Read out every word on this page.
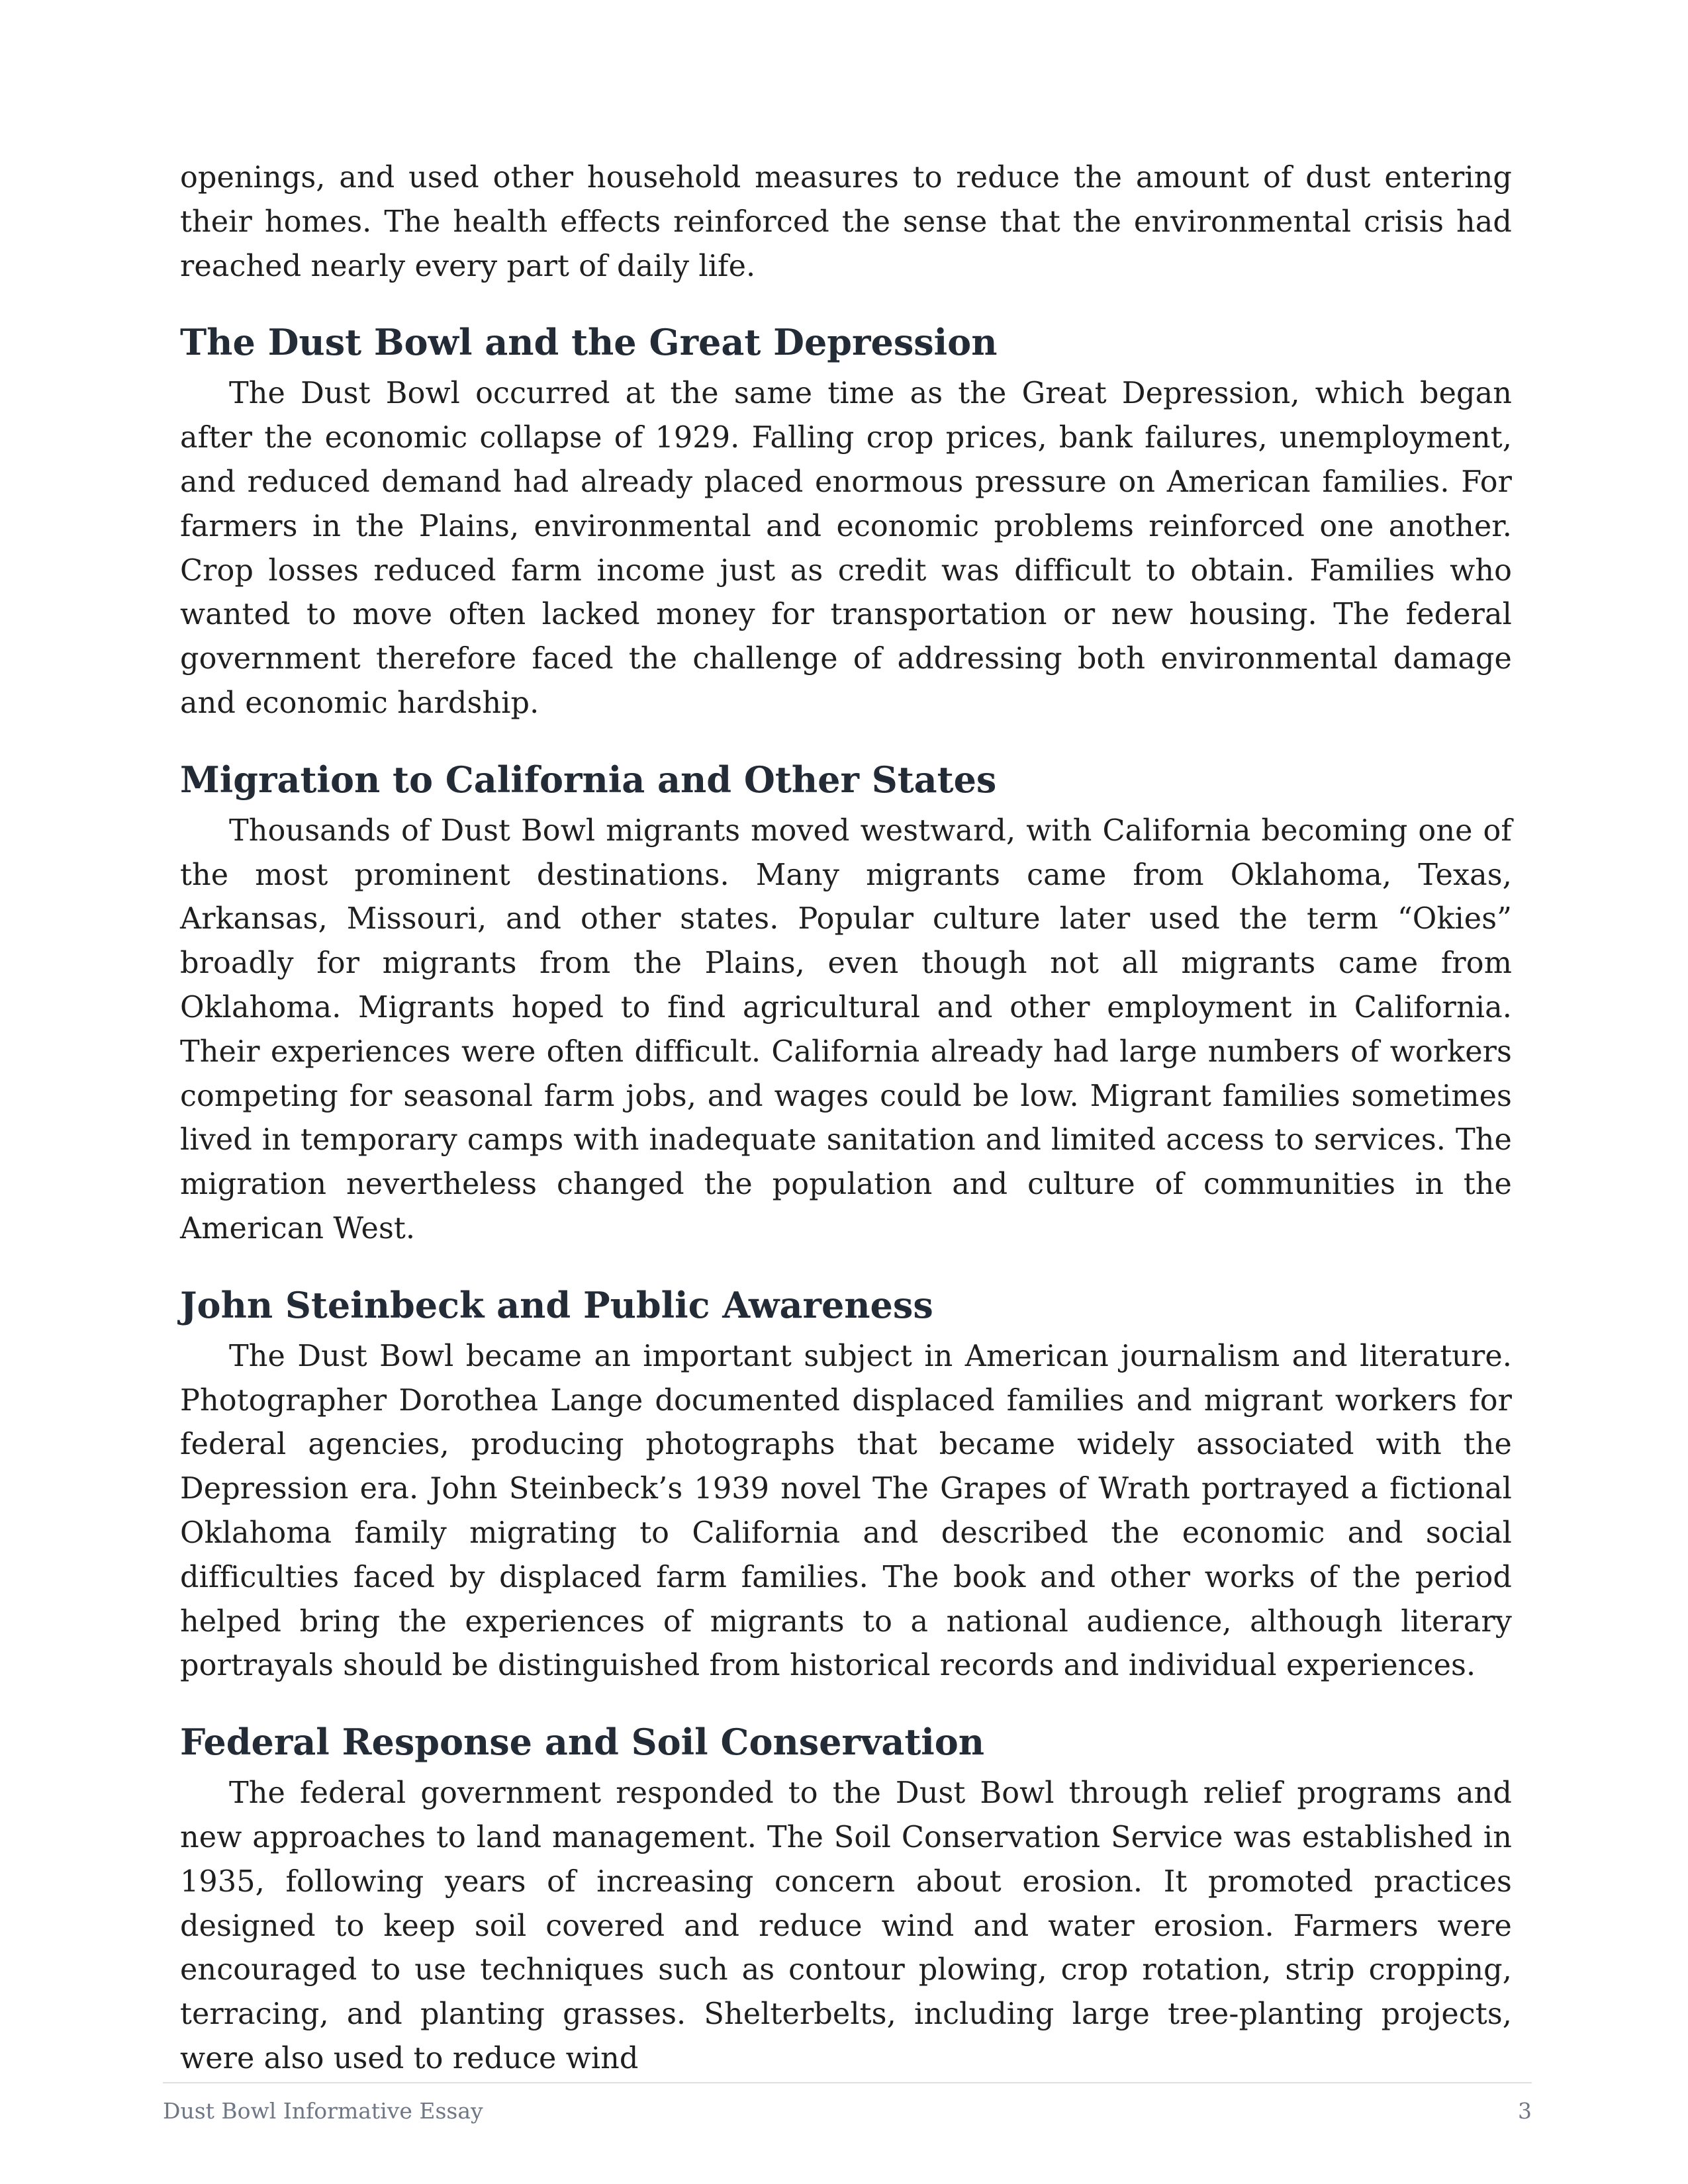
openings, and used other household measures to reduce the amount of dust entering their homes. The health effects reinforced the sense that the environmental crisis had reached nearly every part of daily life.

The Dust Bowl and the Great Depression

The Dust Bowl occurred at the same time as the Great Depression, which began after the economic collapse of 1929. Falling crop prices, bank failures, unemployment, and reduced demand had already placed enormous pressure on American families. For farmers in the Plains, environmental and economic problems reinforced one another. Crop losses reduced farm income just as credit was difficult to obtain. Families who wanted to move often lacked money for transportation or new housing. The federal government therefore faced the challenge of addressing both environmental damage and economic hardship.

Migration to California and Other States

Thousands of Dust Bowl migrants moved westward, with California becoming one of the most prominent destinations. Many migrants came from Oklahoma, Texas, Arkansas, Missouri, and other states. Popular culture later used the term “Okies” broadly for migrants from the Plains, even though not all migrants came from Oklahoma. Migrants hoped to find agricultural and other employment in California. Their experiences were often difficult. California already had large numbers of workers competing for seasonal farm jobs, and wages could be low. Migrant families sometimes lived in temporary camps with inadequate sanitation and limited access to services. The migration nevertheless changed the population and culture of communities in the American West.

John Steinbeck and Public Awareness

The Dust Bowl became an important subject in American journalism and literature. Photographer Dorothea Lange documented displaced families and migrant workers for federal agencies, producing photographs that became widely associated with the Depression era. John Steinbeck’s 1939 novel The Grapes of Wrath portrayed a fictional Oklahoma family migrating to California and described the economic and social difficulties faced by displaced farm families. The book and other works of the period helped bring the experiences of migrants to a national audience, although literary portrayals should be distinguished from historical records and individual experiences.

Federal Response and Soil Conservation

The federal government responded to the Dust Bowl through relief programs and new approaches to land management. The Soil Conservation Service was established in 1935, following years of increasing concern about erosion. It promoted practices designed to keep soil covered and reduce wind and water erosion. Farmers were encouraged to use techniques such as contour plowing, crop rotation, strip cropping, terracing, and planting grasses. Shelterbelts, including large tree-planting projects, were also used to reduce wind

Dust Bowl Informative Essay	3
